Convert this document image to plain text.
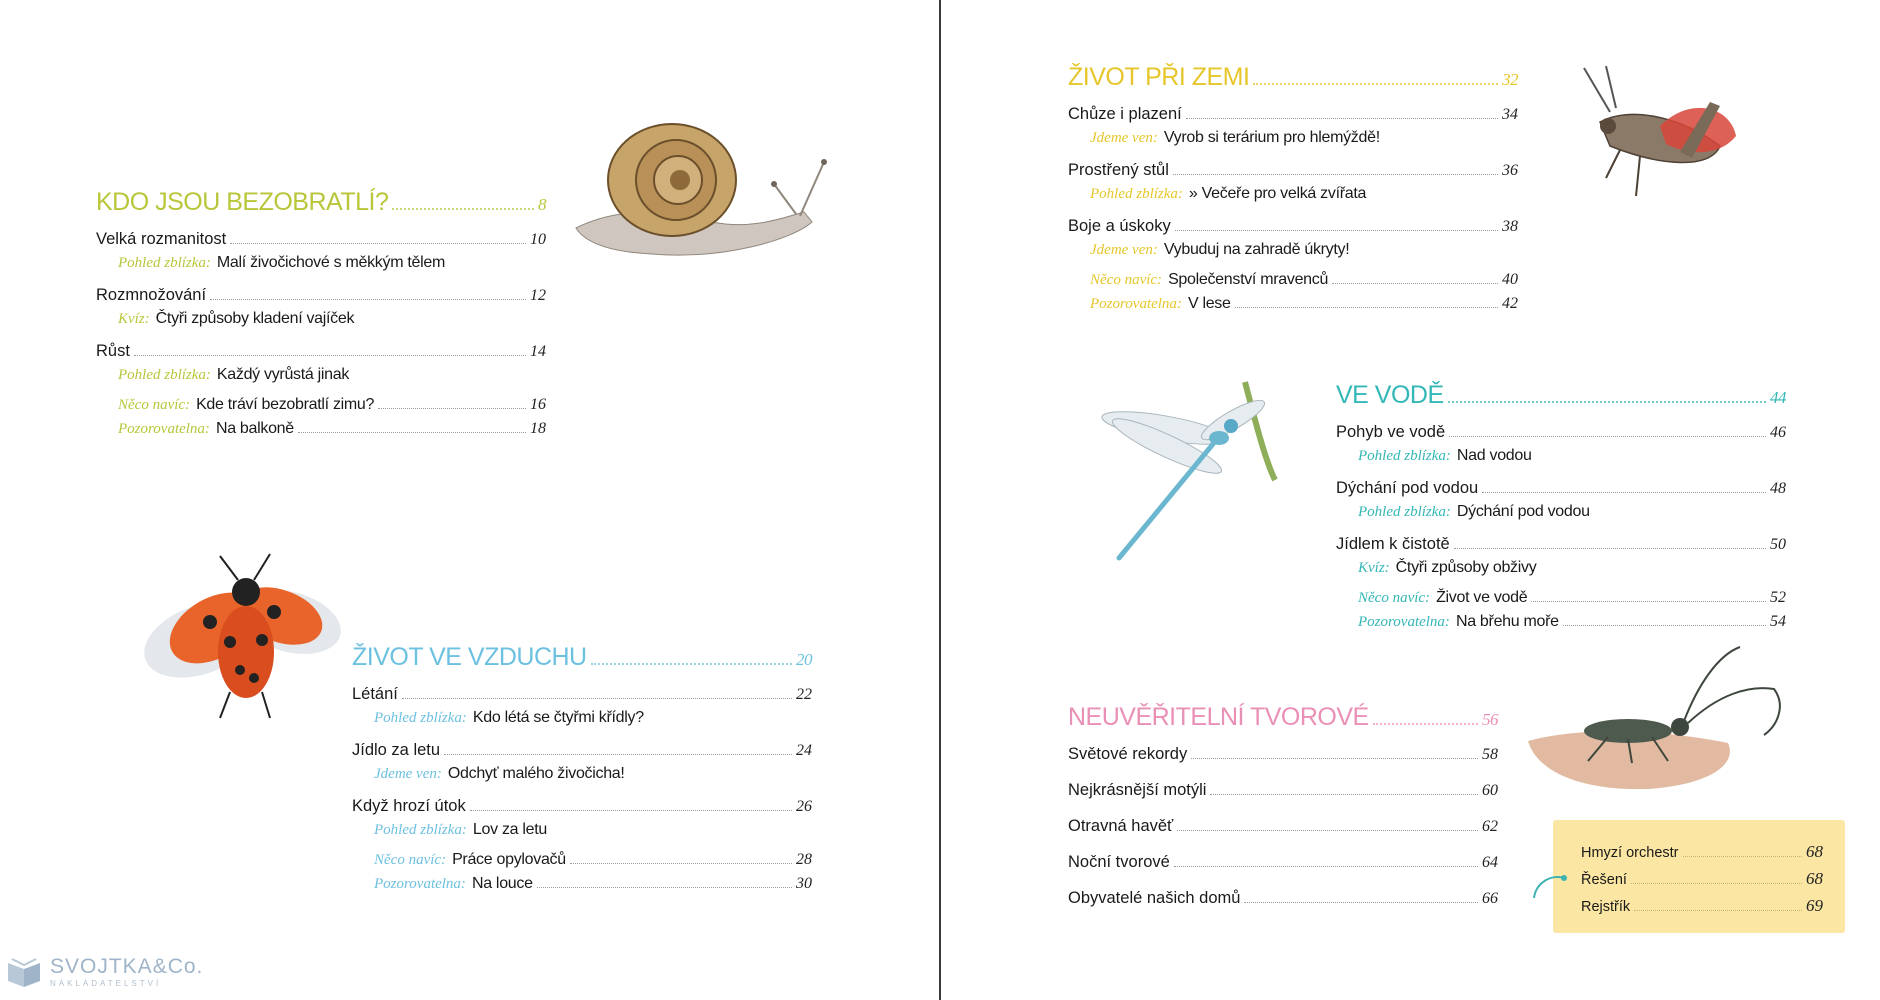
KDO JSOU BEZOBRATLÍ?	8
Velká rozmanitost	10
Pohled zblízka: Malí živočichové s měkkým tělem
Rozmnožování	12
Kvíz: Čtyři způsoby kladení vajíček
Růst	14
Pohled zblízka: Každý vyrůstá jinak
Něco navíc: Kde tráví bezobratlí zimu?	16
Pozorovatelna: Na balkoně	18
ŽIVOT VE VZDUCHU	20
Létání	22
Pohled zblízka: Kdo létá se čtyřmi křídly?
Jídlo za letu	24
Jdeme ven: Odchyť malého živočicha!
Když hrozí útok	26
Pohled zblízka: Lov za letu
Něco navíc: Práce opylovačů	28
Pozorovatelna: Na louce	30
ŽIVOT PŘI ZEMI	32
Chůze i plazení	34
Jdeme ven: Vyrob si terárium pro hlemýždě!
Prostřený stůl	36
Pohled zblízka: » Večeře pro velká zvířata
Boje a úskoky	38
Jdeme ven: Vybuduj na zahradě úkryty!
Něco navíc: Společenství mravenců	40
Pozorovatelna: V lese	42
VE VODĚ	44
Pohyb ve vodě	46
Pohled zblízka: Nad vodou
Dýchání pod vodou	48
Pohled zblízka: Dýchání pod vodou
Jídlem k čistotě	50
Kvíz: Čtyři způsoby obživy
Něco navíc: Život ve vodě	52
Pozorovatelna: Na břehu moře	54
NEUVĚŘITELNÍ TVOROVÉ	56
Světové rekordy	58
Nejkrásnější motýli	60
Otravná havěť	62
Noční tvorové	64
Obyvatelé našich domů	66
Hmyzí orchestr	68
Řešení	68
Rejstřík	69
SVOJTKA&Co.
NAKLADATELSTVÍ
